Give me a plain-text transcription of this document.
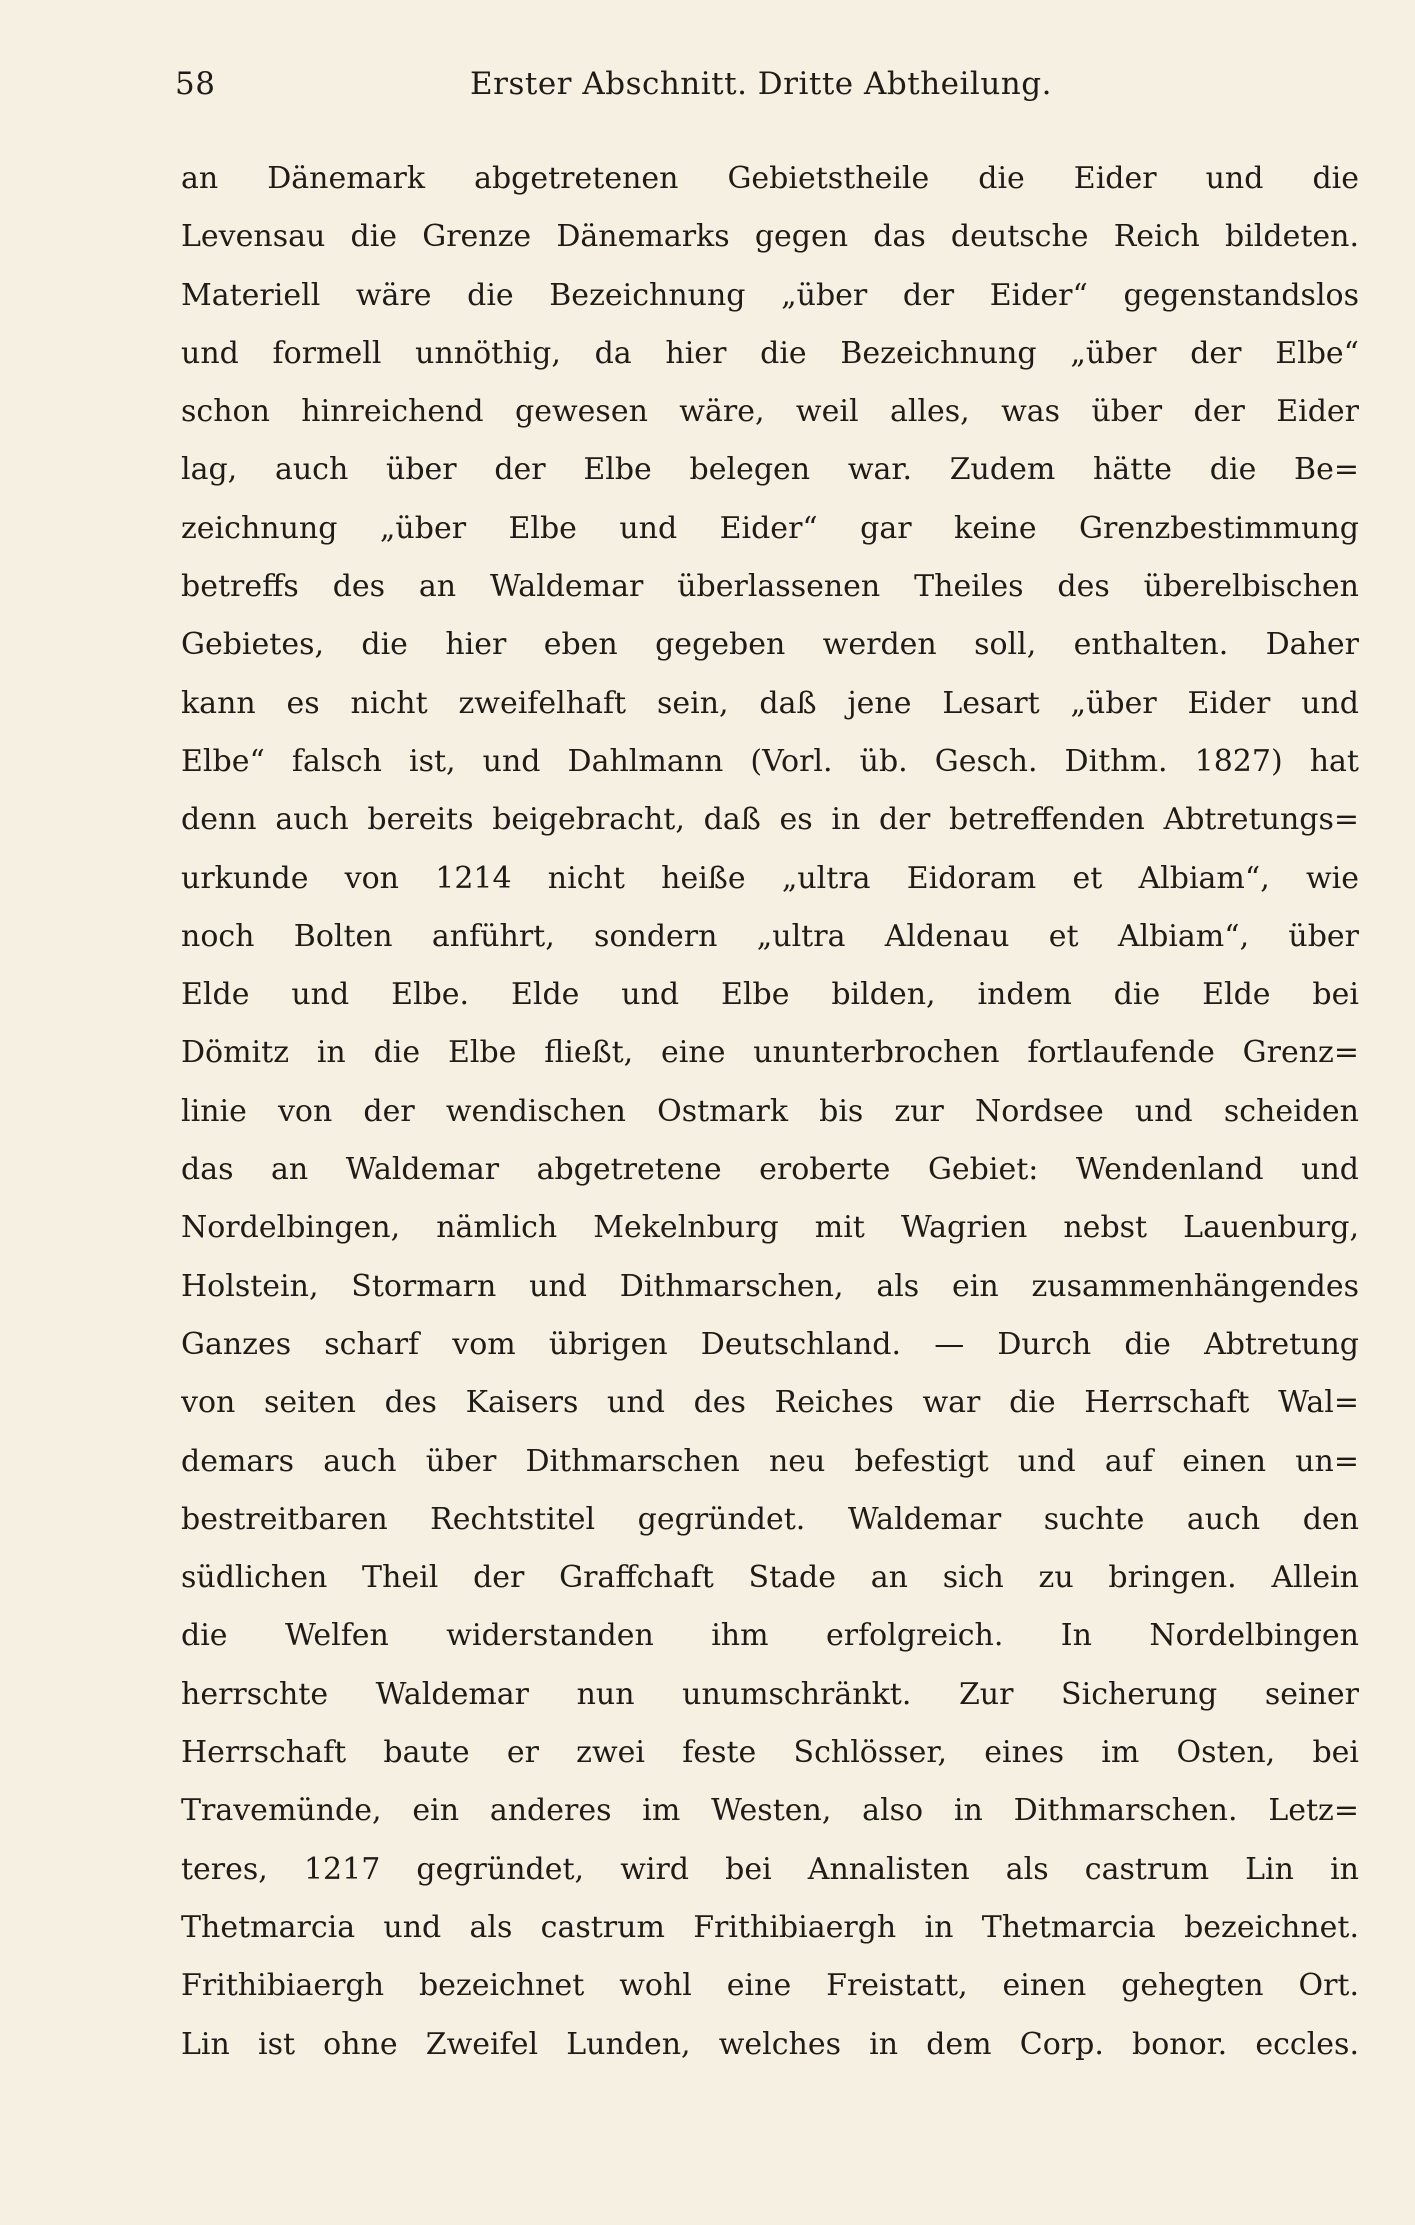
58	Erster Abschnitt. Dritte Abtheilung.
an Dänemark abgetretenen Gebietstheile die Eider und die
Levensau die Grenze Dänemarks gegen das deutsche Reich bildeten.
Materiell wäre die Bezeichnung „über der Eider“ gegenstandslos
und formell unnöthig, da hier die Bezeichnung „über der Elbe“
schon hinreichend gewesen wäre, weil alles, was über der Eider
lag, auch über der Elbe belegen war. Zudem hätte die Be=
zeichnung „über Elbe und Eider“ gar keine Grenzbestimmung
betreffs des an Waldemar überlassenen Theiles des überelbischen
Gebietes, die hier eben gegeben werden soll, enthalten. Daher
kann es nicht zweifelhaft sein, daß jene Lesart „über Eider und
Elbe“ falsch ist, und Dahlmann (Vorl. üb. Gesch. Dithm. 1827) hat
denn auch bereits beigebracht, daß es in der betreffenden Abtretungs=
urkunde von 1214 nicht heiße „ultra Eidoram et Albiam“, wie
noch Bolten anführt, sondern „ultra Aldenau et Albiam“, über
Elde und Elbe. Elde und Elbe bilden, indem die Elde bei
Dömitz in die Elbe fließt, eine ununterbrochen fortlaufende Grenz=
linie von der wendischen Ostmark bis zur Nordsee und scheiden
das an Waldemar abgetretene eroberte Gebiet: Wendenland und
Nordelbingen, nämlich Mekelnburg mit Wagrien nebst Lauenburg,
Holstein, Stormarn und Dithmarschen, als ein zusammenhängendes
Ganzes scharf vom übrigen Deutschland. — Durch die Abtretung
von seiten des Kaisers und des Reiches war die Herrschaft Wal=
demars auch über Dithmarschen neu befestigt und auf einen un=
bestreitbaren Rechtstitel gegründet. Waldemar suchte auch den
südlichen Theil der Graffchaft Stade an sich zu bringen. Allein
die Welfen widerstanden ihm erfolgreich. In Nordelbingen
herrschte Waldemar nun unumschränkt. Zur Sicherung seiner
Herrschaft baute er zwei feste Schlösser, eines im Osten, bei
Travemünde, ein anderes im Westen, also in Dithmarschen. Letz=
teres, 1217 gegründet, wird bei Annalisten als castrum Lin in
Thetmarcia und als castrum Frithibiaergh in Thetmarcia bezeichnet.
Frithibiaergh bezeichnet wohl eine Freistatt, einen gehegten Ort.
Lin ist ohne Zweifel Lunden, welches in dem Corp. bonor. eccles.
